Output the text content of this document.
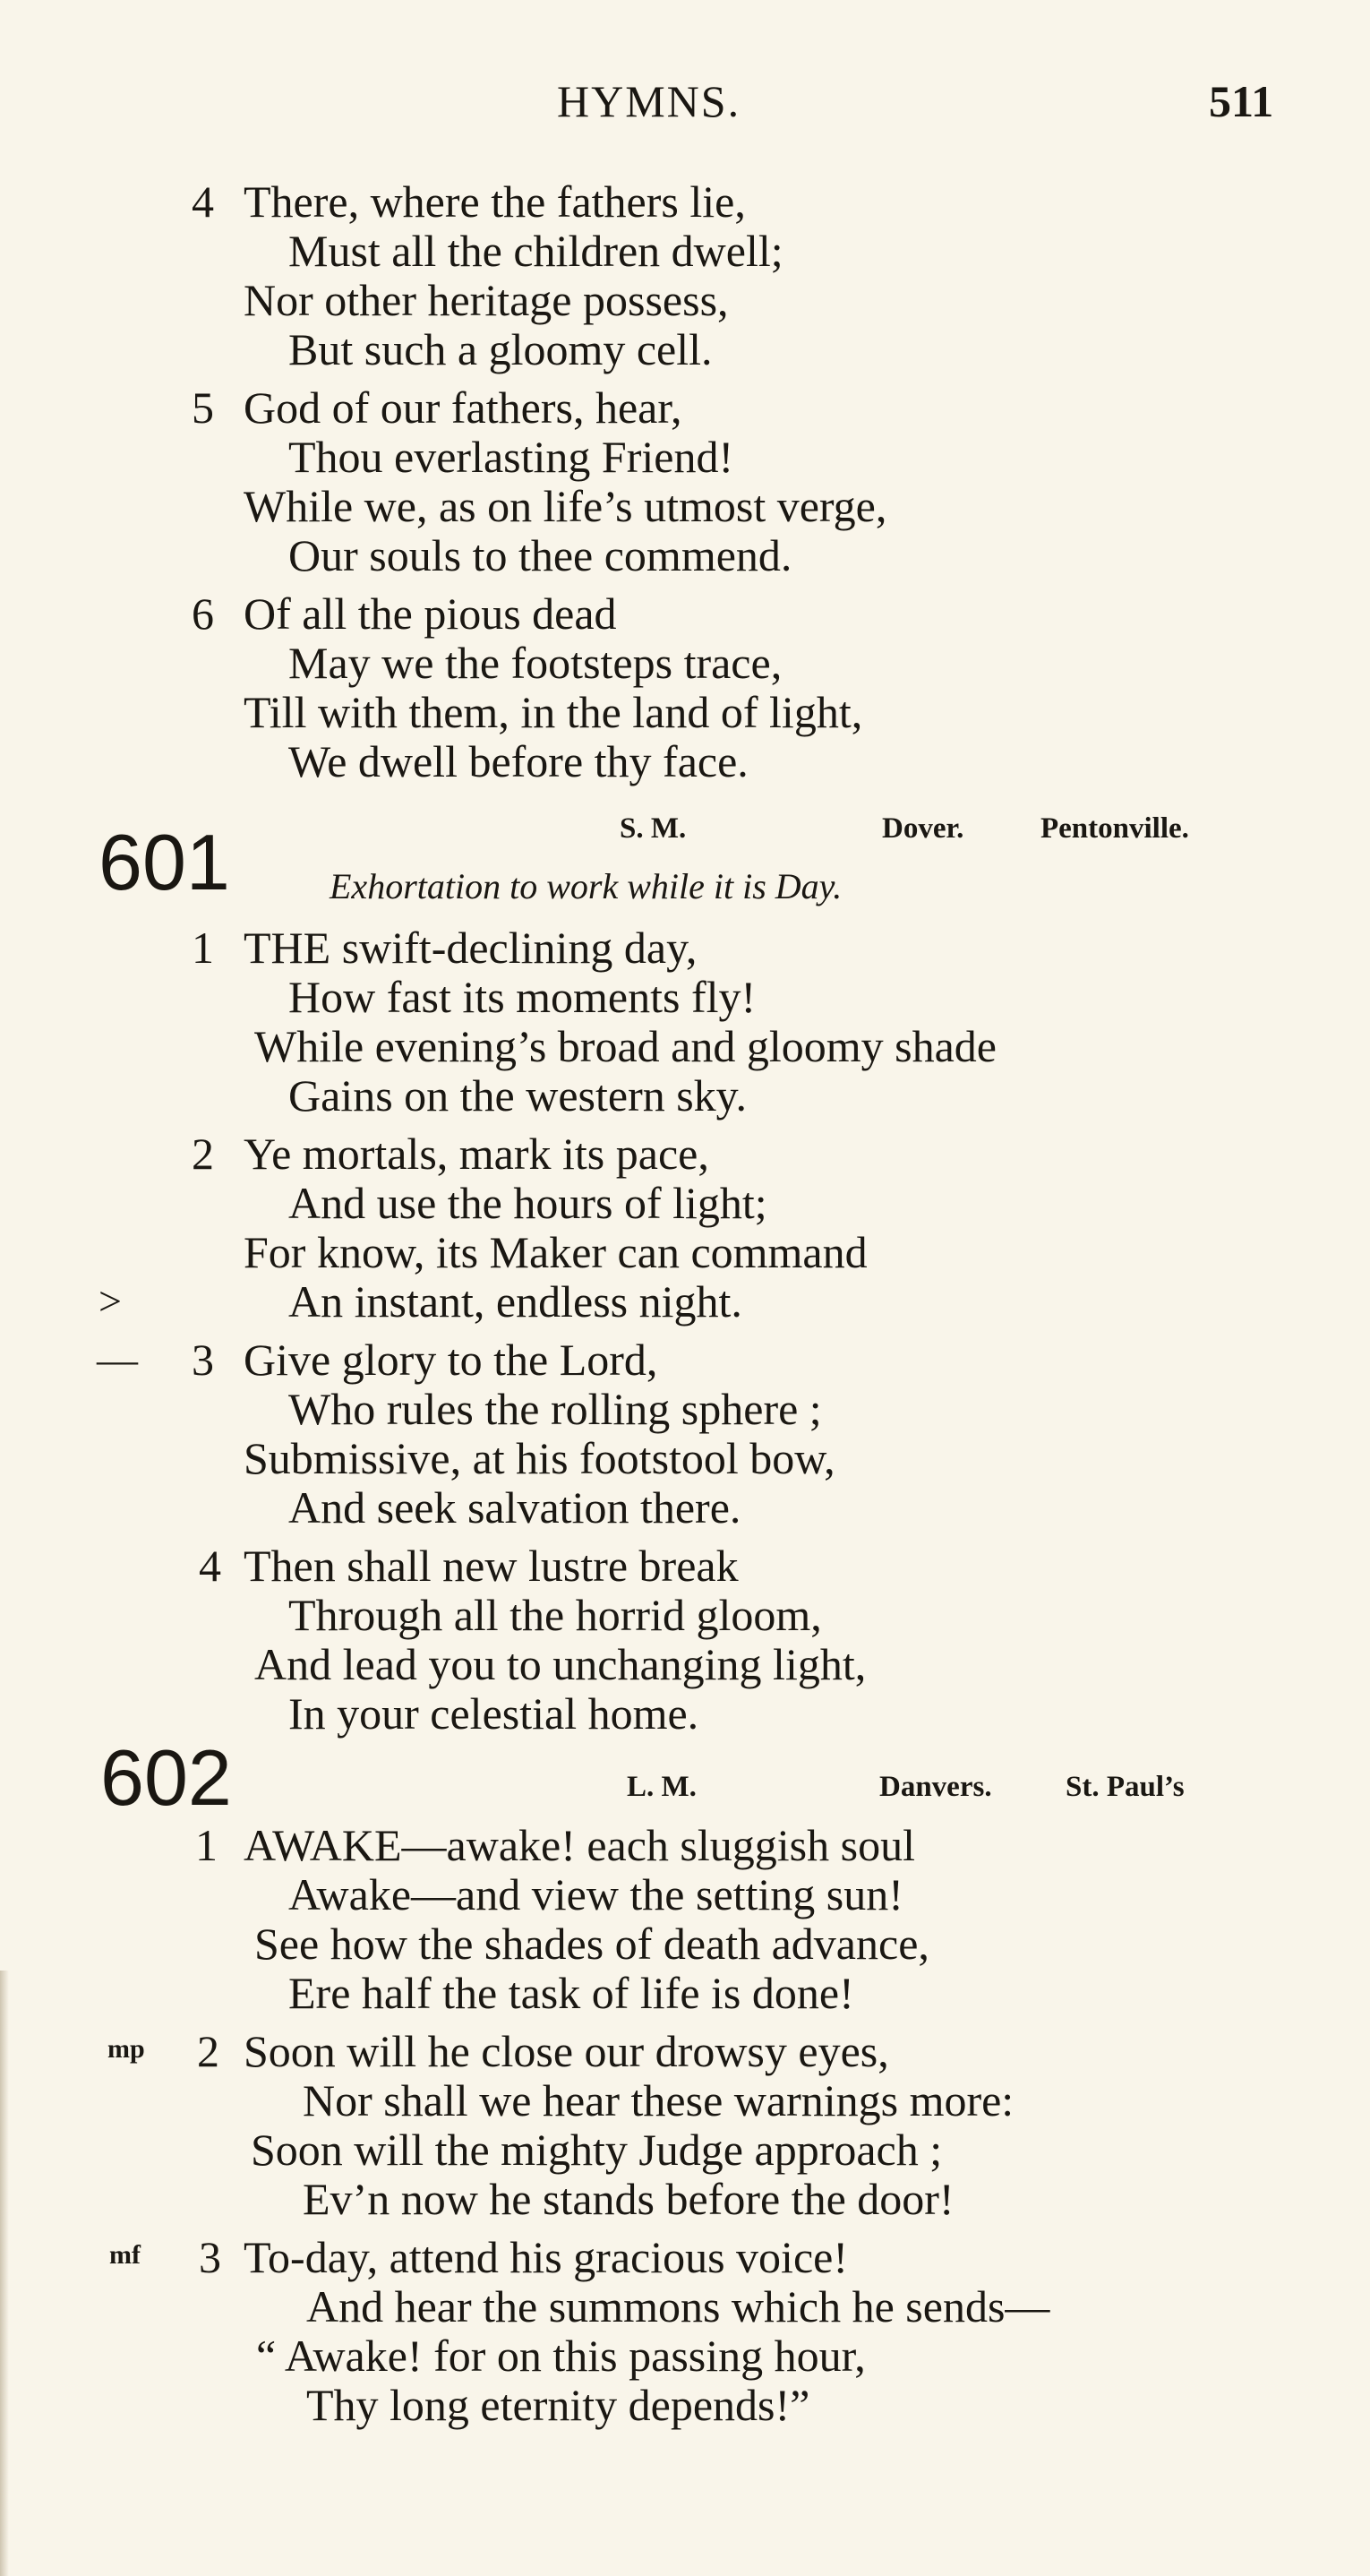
HYMNS.	511
4 There, where the fathers lie,
Must all the children dwell;
Nor other heritage possess,
But such a gloomy cell.
5 God of our fathers, hear,
Thou everlasting Friend!
While we, as on life’s utmost verge,
Our souls to thee commend.
6 Of all the pious dead
May we the footsteps trace,
Till with them, in the land of light,
We dwell before thy face.
S. M.	Dover.	Pentonville.
601	Exhortation to work while it is Day.
1 THE swift-declining day,
How fast its moments fly!
While evening’s broad and gloomy shade
Gains on the western sky.
2 Ye mortals, mark its pace,
And use the hours of light;
For know, its Maker can command
>	An instant, endless night.
— 3 Give glory to the Lord,
Who rules the rolling sphere ;
Submissive, at his footstool bow,
And seek salvation there.
4 Then shall new lustre break
Through all the horrid gloom,
And lead you to unchanging light,
In your celestial home.
602	L. M.	Danvers. St. Paul’s
1 AWAKE—awake! each sluggish soul
Awake—and view the setting sun!
See how the shades of death advance,
Ere half the task of life is done!
mp 2 Soon will he close our drowsy eyes,
Nor shall we hear these warnings more:
Soon will the mighty Judge approach ;
Ev’n now he stands before the door!
mf 3 To-day, attend his gracious voice!
And hear the summons which he sends—
“ Awake! for on this passing hour,
Thy long eternity depends!”
